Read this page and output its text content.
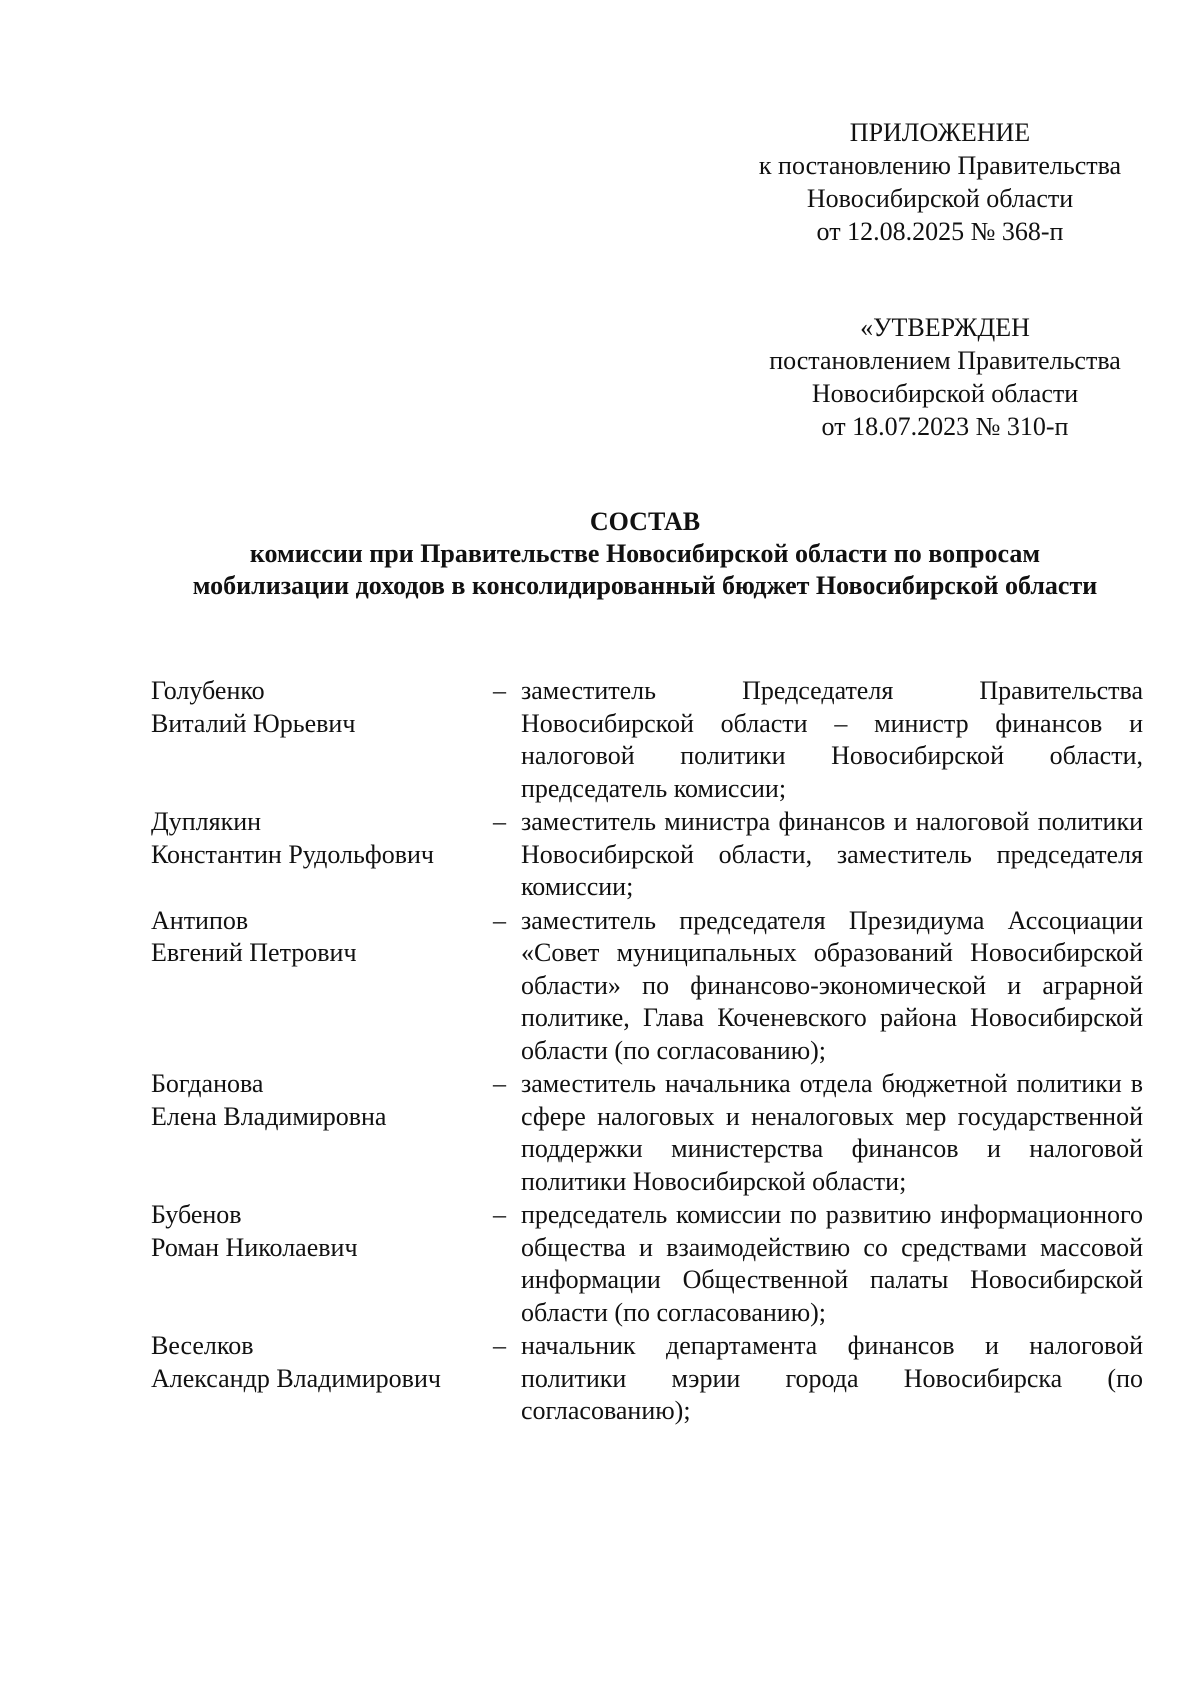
ПРИЛОЖЕНИЕ
к постановлению Правительства
Новосибирской области
от 12.08.2025 № 368-п
«УТВЕРЖДЕН
постановлением Правительства
Новосибирской области
от 18.07.2023 № 310-п
СОСТАВ
комиссии при Правительстве Новосибирской области по вопросам
мобилизации доходов в консолидированный бюджет Новосибирской области
Голубенко
Виталий Юрьевич
– заместитель Председателя Правительства Новосибирской области – министр финансов и налоговой политики Новосибирской области, председатель комиссии;
Дуплякин
Константин Рудольфович
– заместитель министра финансов и налоговой политики Новосибирской области, заместитель председателя комиссии;
Антипов
Евгений Петрович
– заместитель председателя Президиума Ассоциации «Совет муниципальных образований Новосибирской области» по финансово-экономической и аграрной политике, Глава Коченевского района Новосибирской области (по согласованию);
Богданова
Елена Владимировна
– заместитель начальника отдела бюджетной политики в сфере налоговых и неналоговых мер государственной поддержки министерства финансов и налоговой политики Новосибирской области;
Бубенов
Роман Николаевич
– председатель комиссии по развитию информационного общества и взаимодействию со средствами массовой информации Общественной палаты Новосибирской области (по согласованию);
Веселков
Александр Владимирович
– начальник департамента финансов и налоговой политики мэрии города Новосибирска (по согласованию);
